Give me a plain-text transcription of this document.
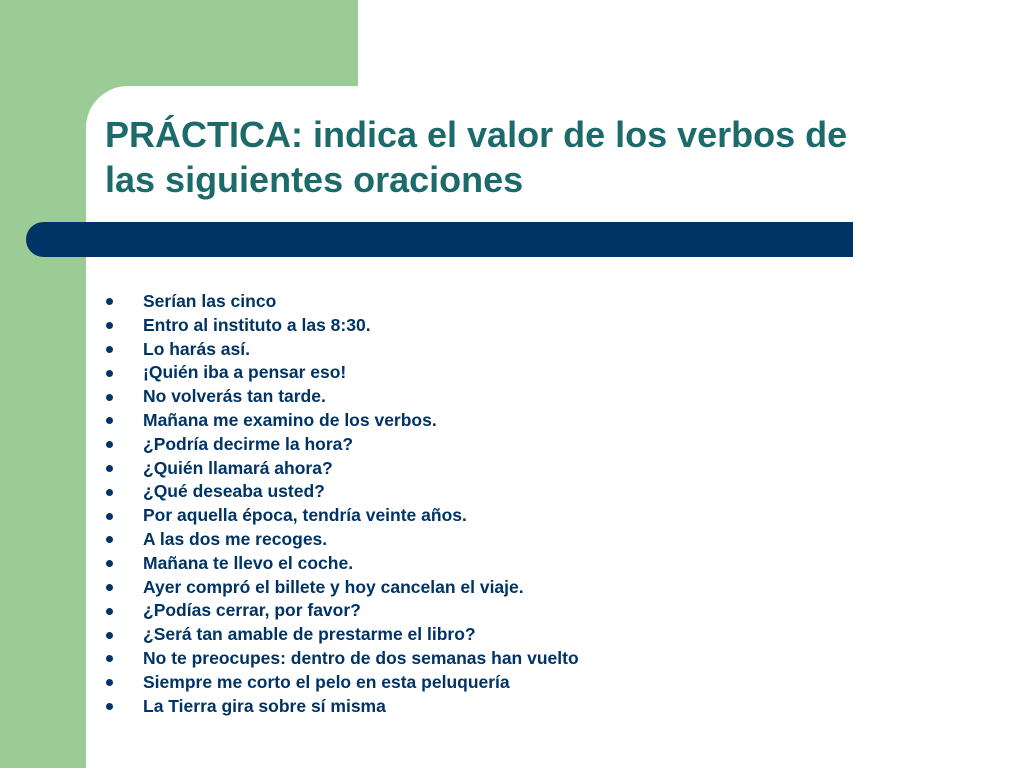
PRÁCTICA: indica el valor de los verbos de
las siguientes oraciones
Serían las cinco
Entro al instituto a las 8:30.
Lo harás así.
¡Quién iba a pensar eso!
No volverás tan tarde.
Mañana me examino de los verbos.
¿Podría decirme la hora?
¿Quién llamará ahora?
¿Qué deseaba usted?
Por aquella época, tendría veinte años.
A las dos me recoges.
Mañana te llevo el coche.
Ayer compró el billete y hoy cancelan el viaje.
¿Podías cerrar, por favor?
¿Será tan amable de prestarme el libro?
No te preocupes: dentro de dos semanas han vuelto
Siempre me corto el pelo en esta peluquería
La Tierra gira sobre sí misma
